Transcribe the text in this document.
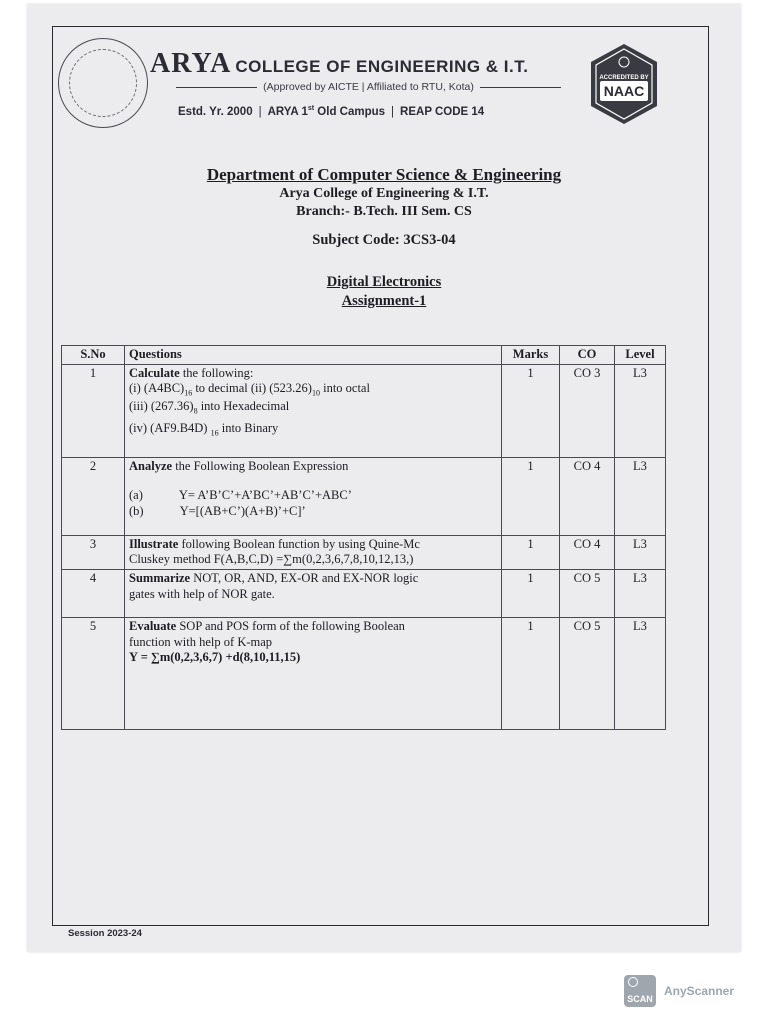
ARYA COLLEGE OF ENGINEERING & I.T.
(Approved by AICTE | Affiliated to RTU, Kota)
Estd. Yr. 2000 | ARYA 1st Old Campus | REAP CODE 14
ACCREDITED BY
NAAC
Department of Computer Science & Engineering
Arya College of Engineering & I.T.
Branch:- B.Tech. III Sem. CS
Subject Code: 3CS3-04
Digital Electronics
Assignment-1
S.No	Questions	Marks	CO	Level
1	Calculate the following:
(i) $(A4BC)_{16}$ to decimal (ii) $(523.26)_{10}$ into octal
(iii) $(267.36)_8$ into Hexadecimal
(iv) (AF9.B4D) $_{16}$ into Binary	1	CO 3	L3
2	Analyze the Following Boolean Expression
(a) Y= A’B’C’+A’BC’+AB’C’+ABC’
(b) Y=[(AB+C’)(A+B)’+C]’	1	CO 4	L3
3	Illustrate following Boolean function by using Quine-Mc
Cluskey method F(A,B,C,D) =∑m(0,2,3,6,7,8,10,12,13,)	1	CO 4	L3
4	Summarize NOT, OR, AND, EX-OR and EX-NOR logic
gates with help of NOR gate.	1	CO 5	L3
5	Evaluate SOP and POS form of the following Boolean
function with help of K-map
Y = ∑m(0,2,3,6,7) +d(8,10,11,15)	1	CO 5	L3
Session 2023-24
SCAN
AnyScanner
